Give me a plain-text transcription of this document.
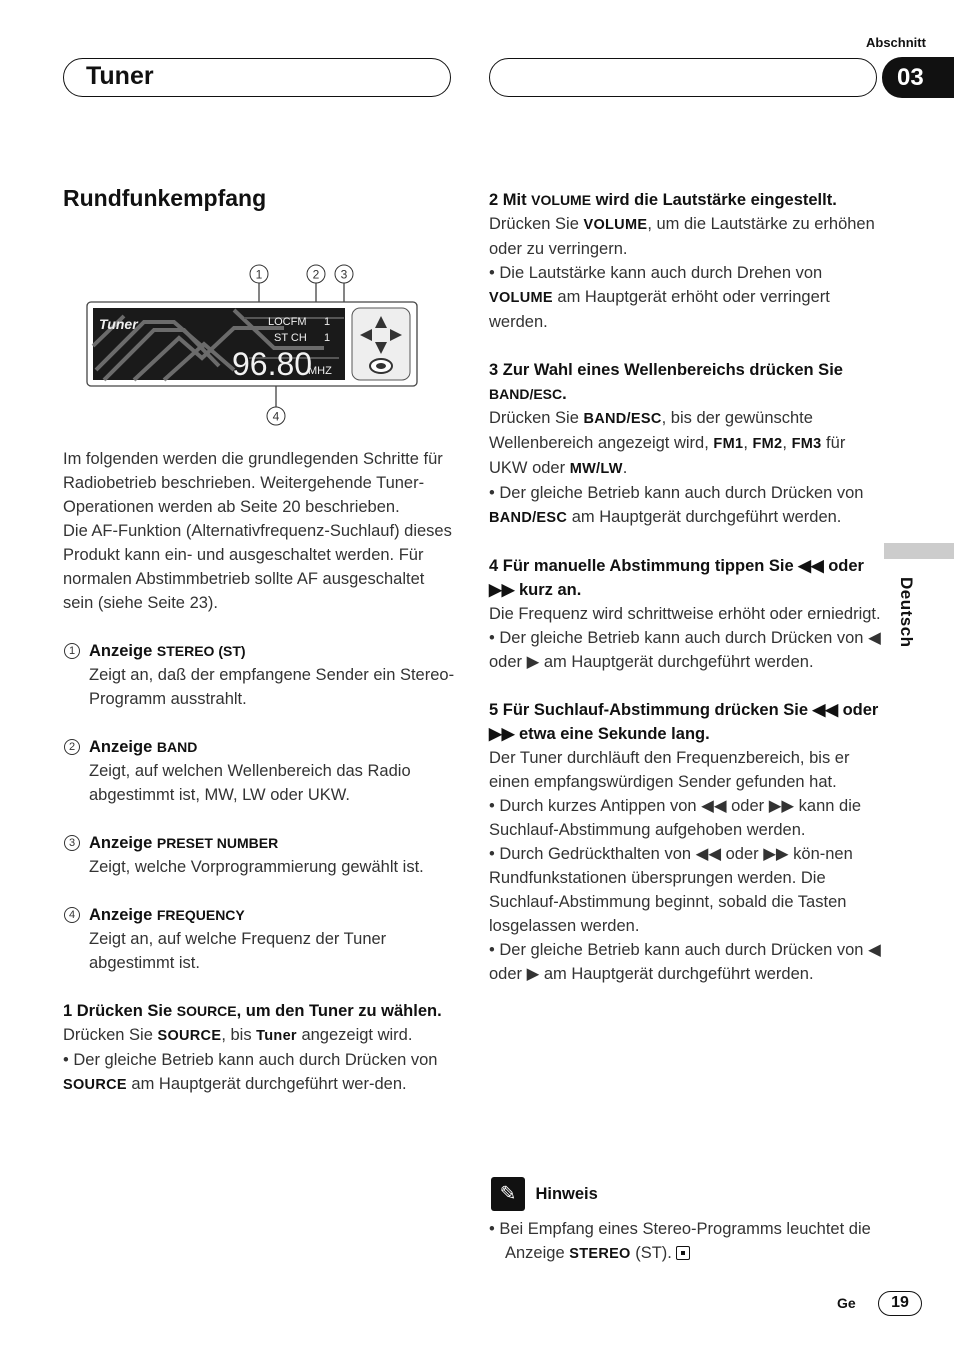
Abschnitt
Tuner	03
Deutsch
Rundfunkempfang
1	2 3
4
Tuner	LOCFM 1
ST CH 1
96.80
MHZ

Im folgenden werden die grundlegenden Schritte für Radiobetrieb beschrieben. Weitergehende Tuner-Operationen werden ab Seite 20 beschrieben.

Die AF-Funktion (Alternativfrequenz-Suchlauf) dieses Produkt kann ein- und ausgeschaltet werden. Für normalen Abstimmbetrieb sollte AF ausgeschaltet sein (siehe Seite 23).

1 Anzeige STEREO (ST)

Zeigt an, daß der empfangene Sender ein Stereo-Programm ausstrahlt.

2 Anzeige BAND

Zeigt, auf welchen Wellenbereich das Radio abgestimmt ist, MW, LW oder UKW.

3 Anzeige PRESET NUMBER

Zeigt, welche Vorprogrammierung gewählt ist.

4 Anzeige FREQUENCY

Zeigt an, auf welche Frequenz der Tuner abgestimmt ist.

1 Drücken Sie SOURCE, um den Tuner zu wählen.

Drücken Sie SOURCE, bis Tuner angezeigt wird.

• Der gleiche Betrieb kann auch durch Drücken von SOURCE am Hauptgerät durchgeführt wer-den.

2 Mit VOLUME wird die Lautstärke eingestellt.

Drücken Sie VOLUME, um die Lautstärke zu erhöhen oder zu verringern.

• Die Lautstärke kann auch durch Drehen von VOLUME am Hauptgerät erhöht oder verringert werden.

3 Zur Wahl eines Wellenbereichs drücken Sie BAND/ESC.

Drücken Sie BAND/ESC, bis der gewünschte Wellenbereich angezeigt wird, FM1, FM2, FM3 für UKW oder MW/LW.

• Der gleiche Betrieb kann auch durch Drücken von BAND/ESC am Hauptgerät durchgeführt werden.

4 Für manuelle Abstimmung tippen Sie ◀◀ oder ▶▶ kurz an.

Die Frequenz wird schrittweise erhöht oder erniedrigt.

• Der gleiche Betrieb kann auch durch Drücken von ◀ oder ▶ am Hauptgerät durchgeführt werden.

5 Für Suchlauf-Abstimmung drücken Sie ◀◀ oder ▶▶ etwa eine Sekunde lang.

Der Tuner durchläuft den Frequenzbereich, bis er einen empfangswürdigen Sender gefunden hat.

• Durch kurzes Antippen von ◀◀ oder ▶▶ kann die Suchlauf-Abstimmung aufgehoben werden.

• Durch Gedrückthalten von ◀◀ oder ▶▶ kön-nen Rundfunkstationen übersprungen werden. Die Suchlauf-Abstimmung beginnt, sobald die Tasten losgelassen werden.

• Der gleiche Betrieb kann auch durch Drücken von ◀ oder ▶ am Hauptgerät durchgeführt werden.

✎ Hinweis
• Bei Empfang eines Stereo-Programms leuchtet die Anzeige STEREO (ST).
Ge	19
